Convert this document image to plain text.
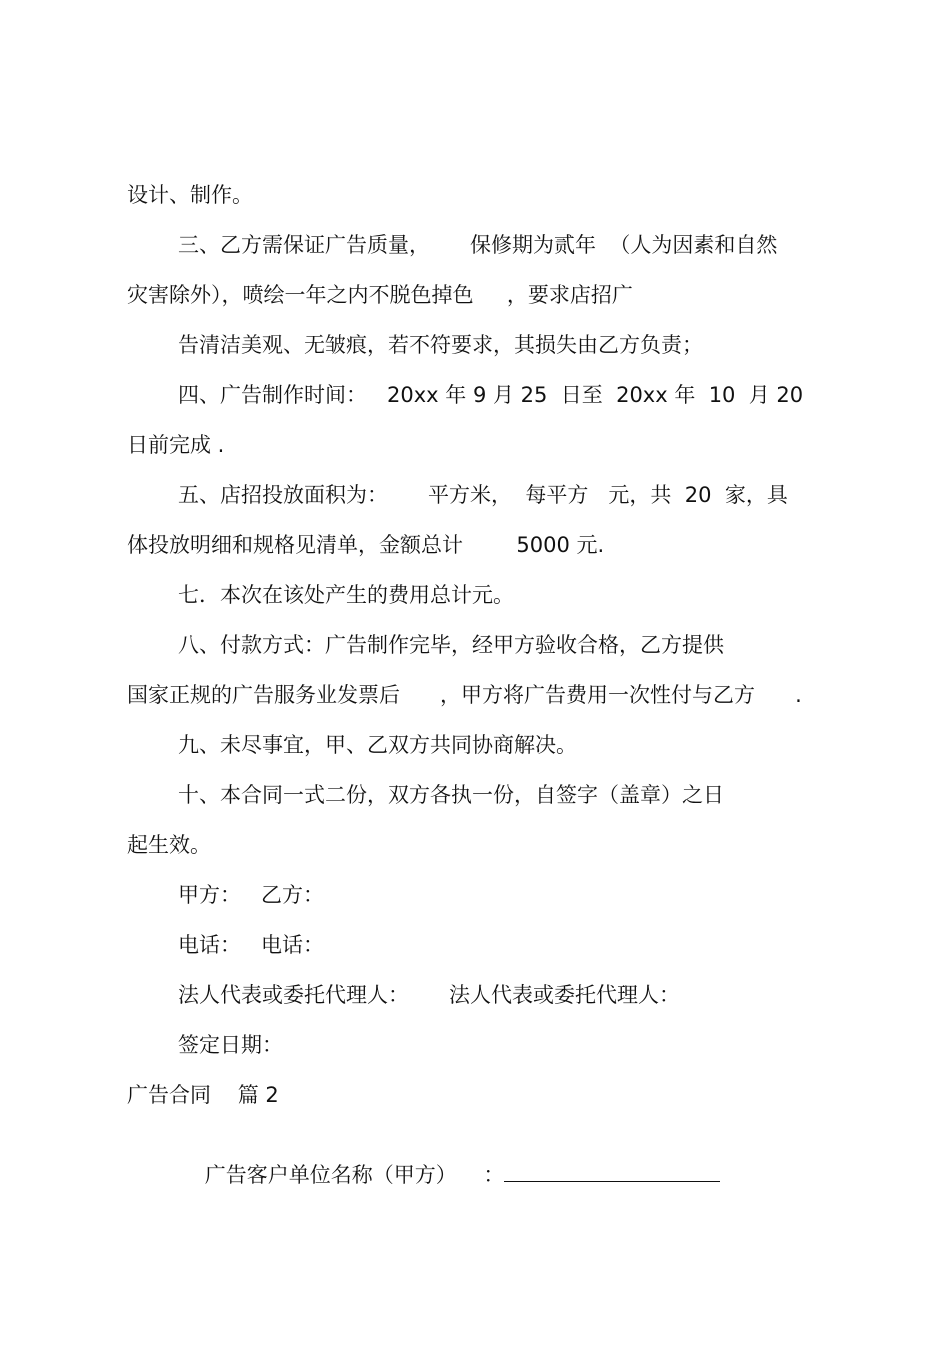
设计、制作。
三、乙方需保证广告质量，      保修期为贰年  （人为因素和自然
灾害除外），喷绘一年之内不脱色掉色     ，要求店招广
告清洁美观、无皱痕，若不符要求，其损失由乙方负责；
四、广告制作时间：   20xx 年 9 月 25  日至  20xx 年  10  月 20
日前完成 .
五、店招投放面积为：      平方米，  每平方   元，共  20  家，具
体投放明细和规格见清单，金额总计        5000 元.
七．本次在该处产生的费用总计元。
八、付款方式：广告制作完毕，经甲方验收合格，乙方提供
国家正规的广告服务业发票后      ，甲方将广告费用一次性付与乙方      .
九、未尽事宜，甲、乙双方共同协商解决。
十、本合同一式二份，双方各执一份，自签字（盖章）之日
起生效。
甲方：   乙方：
电话：   电话：
法人代表或委托代理人：      法人代表或委托代理人：
签定日期：
广告合同    篇 2

广告客户单位名称（甲方）    ：
